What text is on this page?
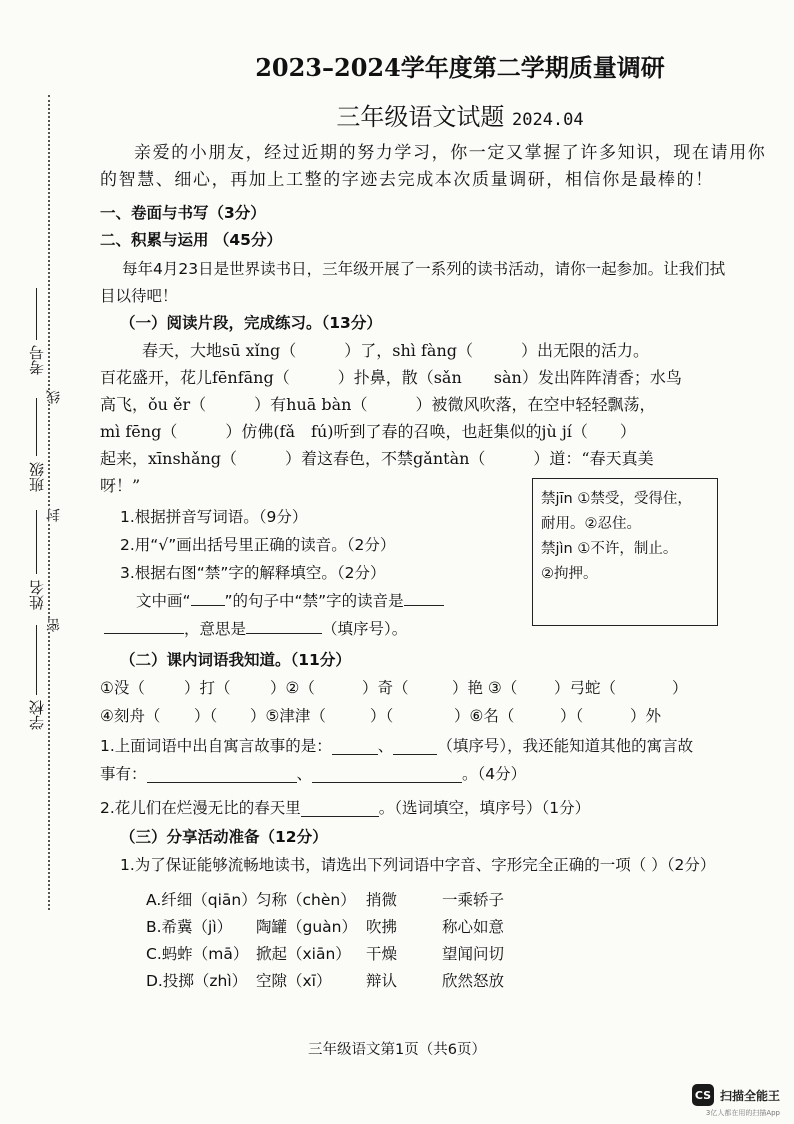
考号
班级
姓名
学校
线
封
密
2023–2024学年度第二学期质量调研
三年级语文试题 2024.04
亲爱的小朋友，经过近期的努力学习，你一定又掌握了许多知识，现在请用你的智慧、细心，再加上工整的字迹去完成本次质量调研，相信你是最棒的！
一、卷面与书写（3分）
二、积累与运用 （45分）
每年4月23日是世界读书日，三年级开展了一系列的读书活动，请你一起参加。让我们拭目以待吧！
（一）阅读片段，完成练习。（13分）
春天，大地sū xǐng（　　　）了，shì fàng（　　　）出无限的活力。
百花盛开，花儿fēnfāng（　　　）扑鼻，散（sǎn　　sàn）发出阵阵清香；水鸟
高飞，ǒu ěr（　　　）有huā bàn（　　　）被微风吹落，在空中轻轻飘荡，
mì fēng（　　　）仿佛(fǎ　fú)听到了春的召唤，也赶集似的jù jí（　　）
起来，xīnshǎng（　　　）着这春色，不禁gǎntàn（　　　）道：“春天真美
呀！”
1.根据拼音写词语。（9分）
2.用“√”画出括号里正确的读音。（2分）
3.根据右图“禁”字的解释填空。（2分）
文中画“ ”的句子中“禁”字的读音是
，意思是	（填序号）。
（二）课内词语我知道。（11分）
①没（	）打（	）②（	）奇（	）艳 ③（	）弓蛇（	）
④刻舟（	）（	）⑤津津（	）（	）⑥名（	）（	）外
1.上面词语中出自寓言故事的是：	、	（填序号），我还能知道其他的寓言故
事有：	、	。（4分）
2.花儿们在烂漫无比的春天里	。（选词填空，填序号）（1分）
（三）分享活动准备（12分）
1.为了保证能够流畅地读书，请选出下列词语中字音、字形完全正确的一项（ ）（2分）
A.纤细（qiān） 匀称（chèn） 捎微	一乘轿子
B.希冀（jì）	陶罐（guàn） 吹拂	称心如意
C.蚂蚱（mā） 掀起（xiān） 干燥	望闻问切
D.投掷（zhì） 空隙（xī）	辩认	欣然怒放
禁jīn ①禁受，受得住，
耐用。②忍住。
禁jìn ①不许，制止。
②拘押。
三年级语文第1页（共6页）
CS 扫描全能王
3亿人都在用的扫描App
